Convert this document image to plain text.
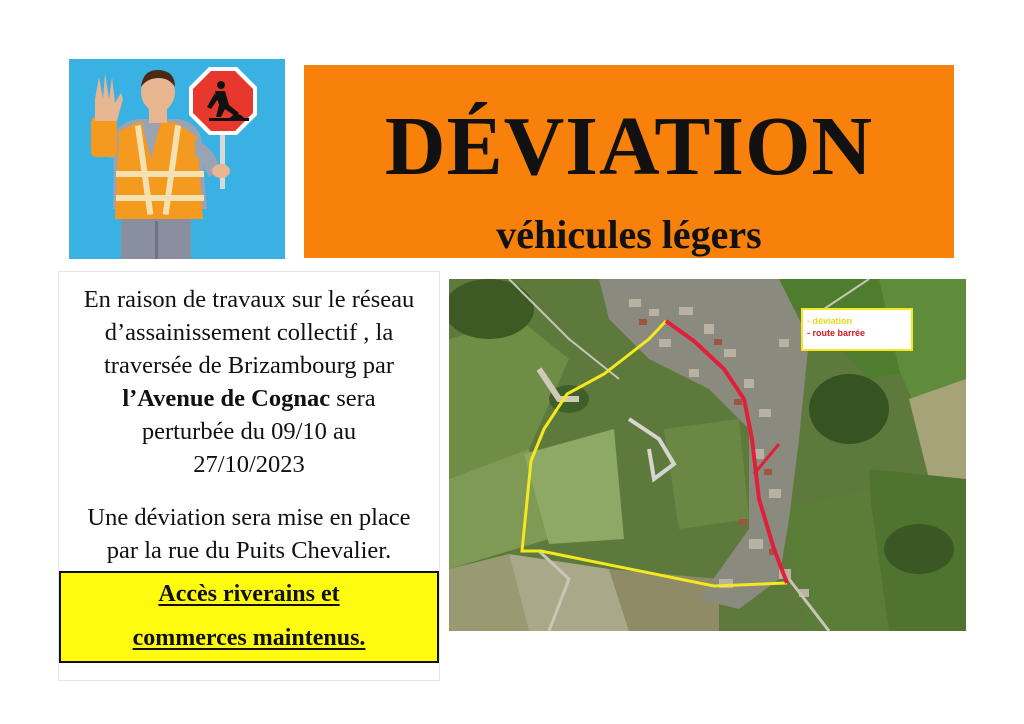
DÉVIATION
véhicules légers
En raison de travaux sur le réseau
d’assainissement collectif , la
traversée de Brizambourg par
l’Avenue de Cognac sera
perturbée du 09/10 au
27/10/2023
Une déviation sera mise en place
par la rue du Puits Chevalier.
Accès riverains et
commerces maintenus.
- déviation
- route barrée
